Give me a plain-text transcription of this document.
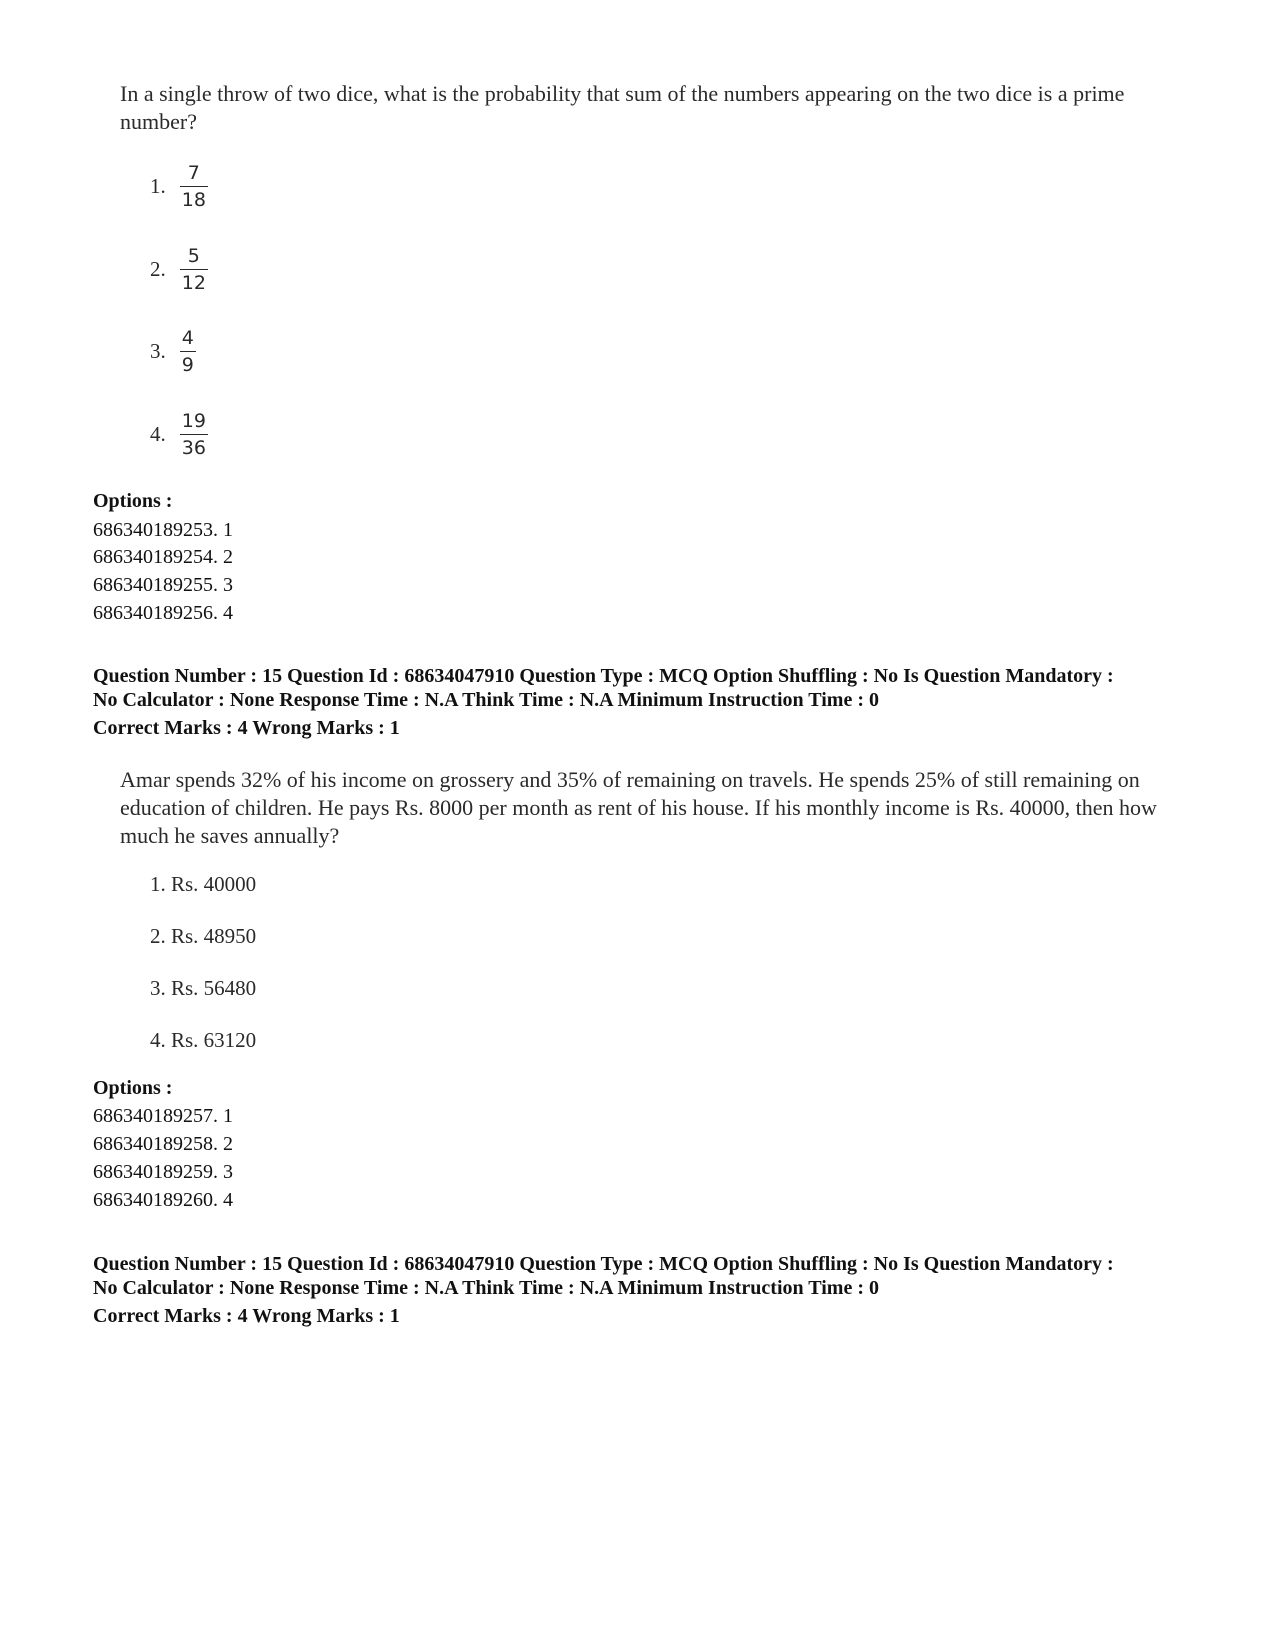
In a single throw of two dice, what is the probability that sum of the numbers appearing on the two dice is a prime number?
1. $\frac{7}{18}$
2. $\frac{5}{12}$
3. $\frac{4}{9}$
4. $\frac{19}{36}$
Options :
686340189253. 1
686340189254. 2
686340189255. 3
686340189256. 4
Question Number : 15 Question Id : 68634047910 Question Type : MCQ Option Shuffling : No Is Question Mandatory :
No Calculator : None Response Time : N.A Think Time : N.A Minimum Instruction Time : 0
Correct Marks : 4 Wrong Marks : 1
Amar spends 32% of his income on grossery and 35% of remaining on travels. He spends 25% of still remaining on education of children. He pays Rs. 8000 per month as rent of his house. If his monthly income is Rs. 40000, then how much he saves annually?
1. Rs. 40000
2. Rs. 48950
3. Rs. 56480
4. Rs. 63120
Options :
686340189257. 1
686340189258. 2
686340189259. 3
686340189260. 4
Question Number : 15 Question Id : 68634047910 Question Type : MCQ Option Shuffling : No Is Question Mandatory :
No Calculator : None Response Time : N.A Think Time : N.A Minimum Instruction Time : 0
Correct Marks : 4 Wrong Marks : 1
